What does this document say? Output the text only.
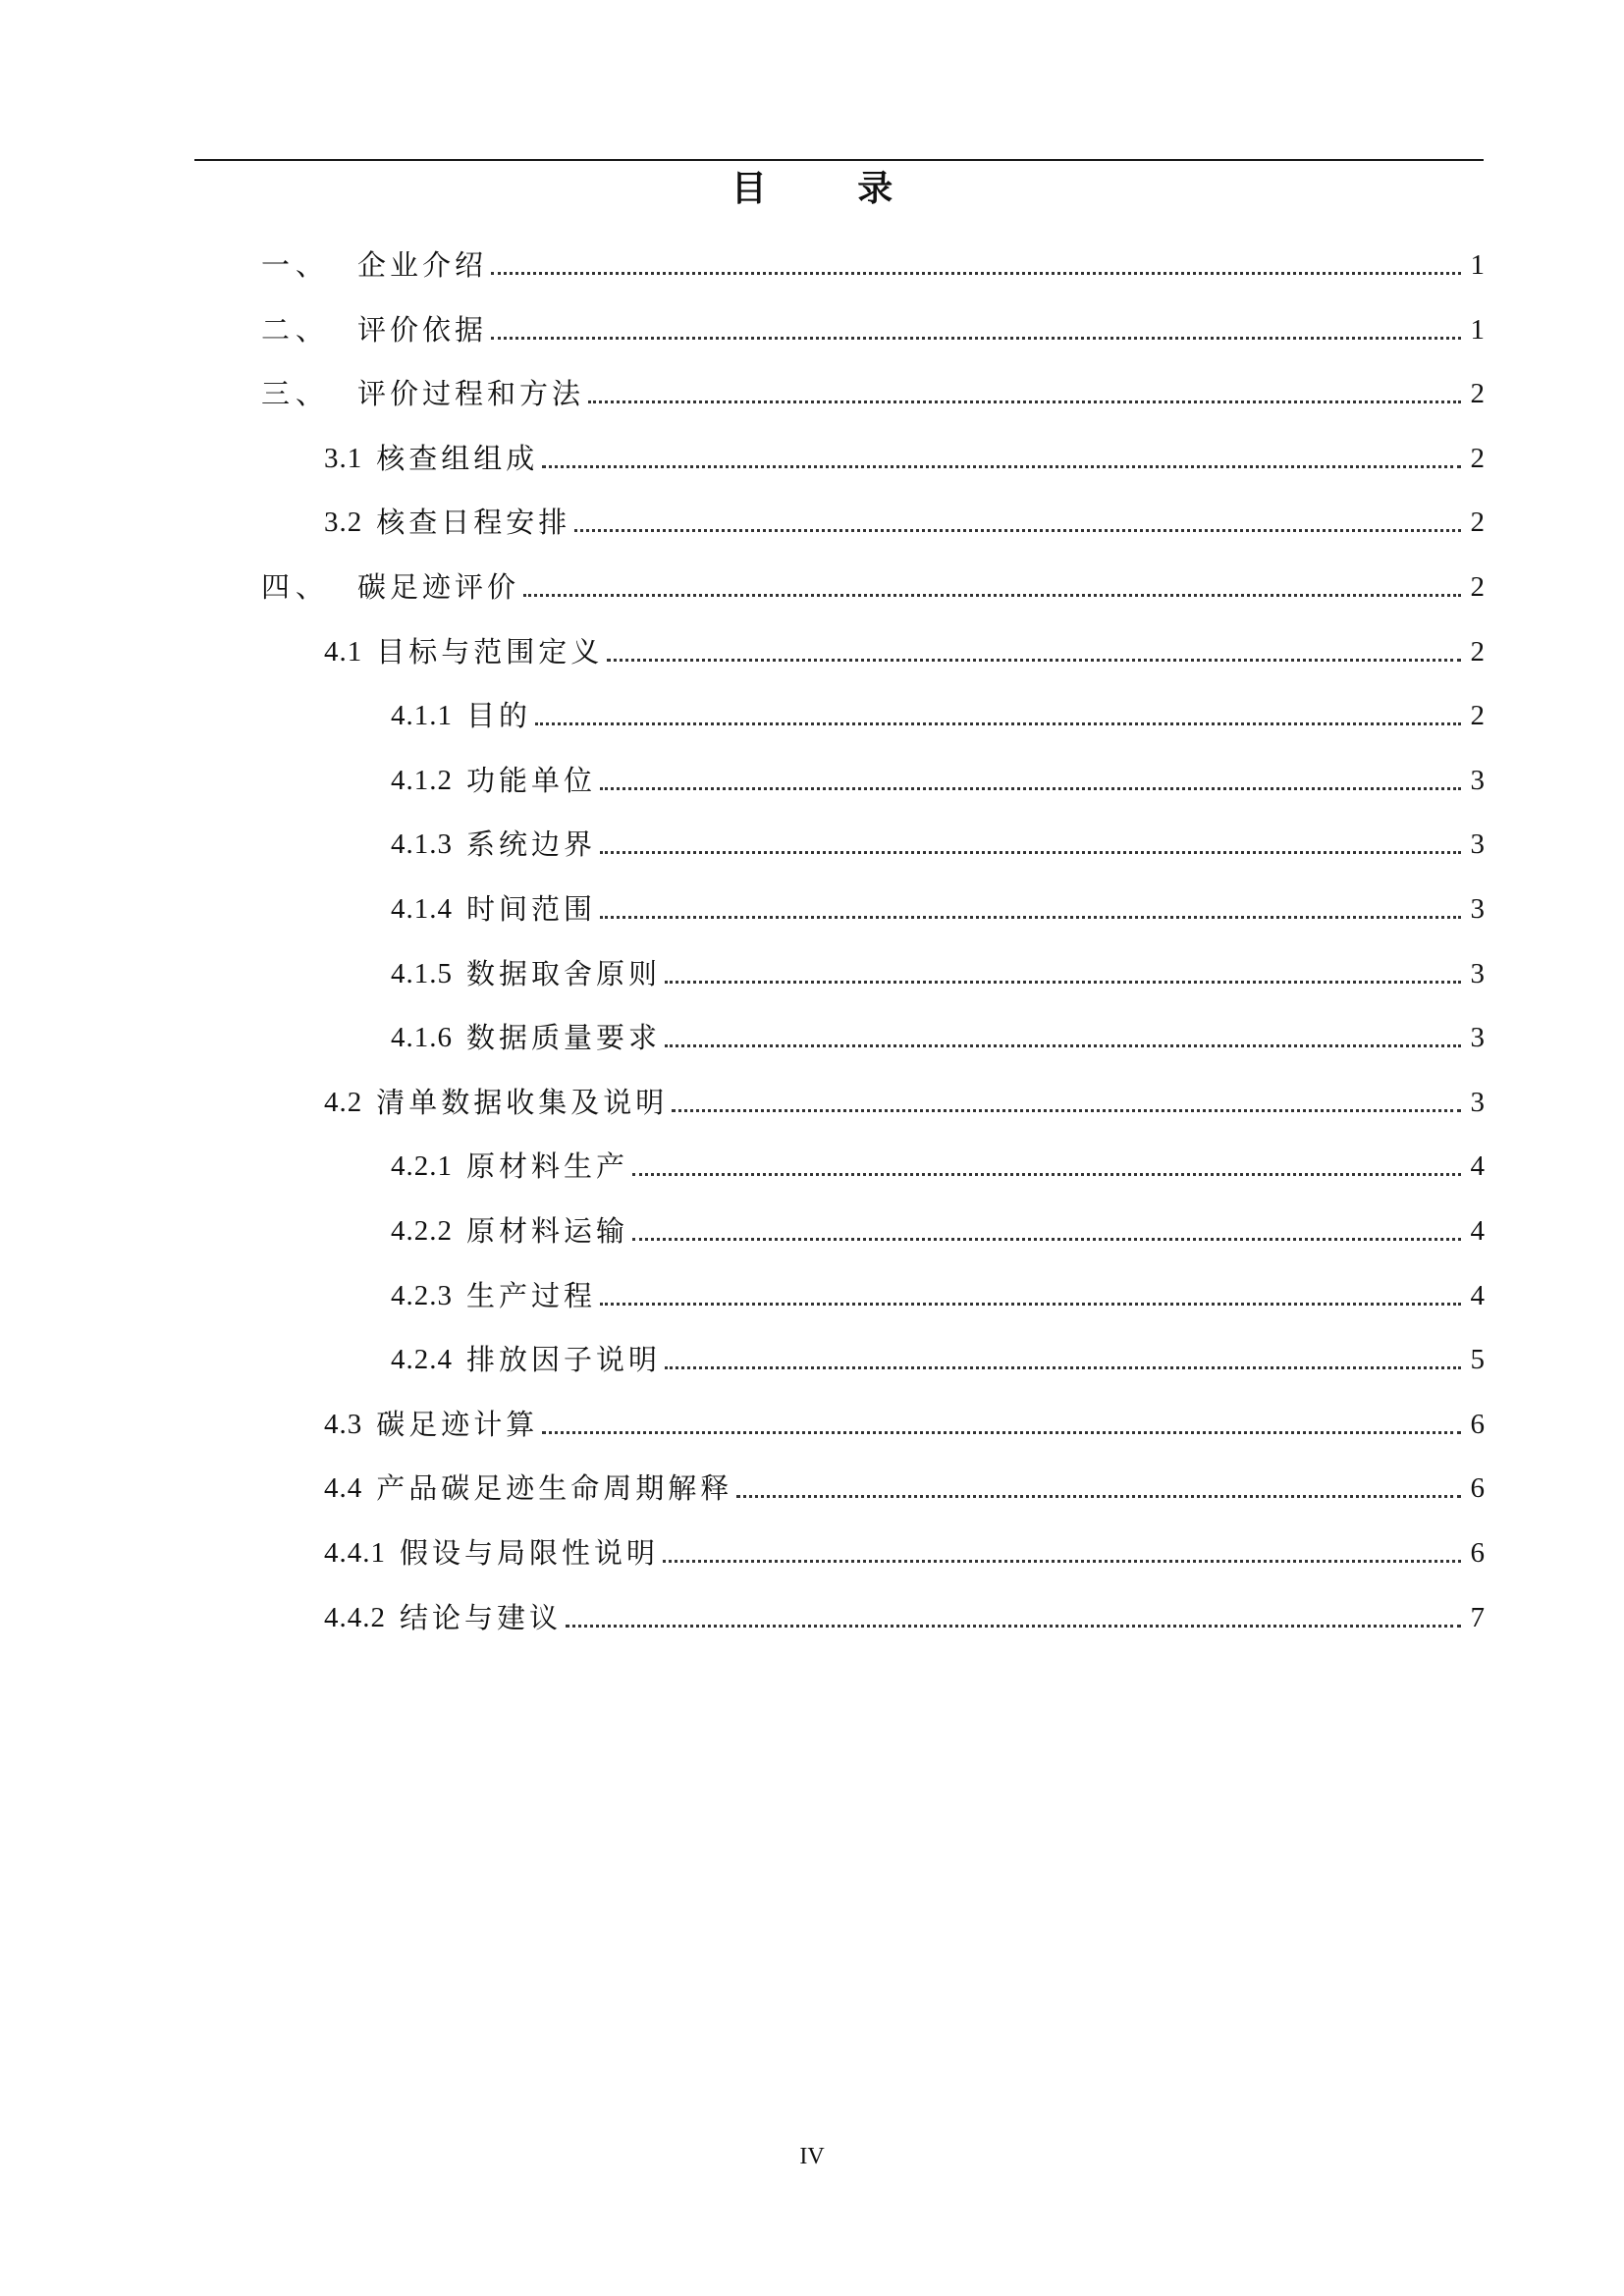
目 录
一、 企业介绍	1
二、 评价依据	1
三、 评价过程和方法	2
3.1 核查组组成	2
3.2 核查日程安排	2
四、 碳足迹评价	2
4.1 目标与范围定义	2
4.1.1 目的	2
4.1.2 功能单位	3
4.1.3 系统边界	3
4.1.4 时间范围	3
4.1.5 数据取舍原则	3
4.1.6 数据质量要求	3
4.2 清单数据收集及说明	3
4.2.1 原材料生产	4
4.2.2 原材料运输	4
4.2.3 生产过程	4
4.2.4 排放因子说明	5
4.3 碳足迹计算	6
4.4 产品碳足迹生命周期解释	6
4.4.1 假设与局限性说明	6
4.4.2 结论与建议	7
IV
